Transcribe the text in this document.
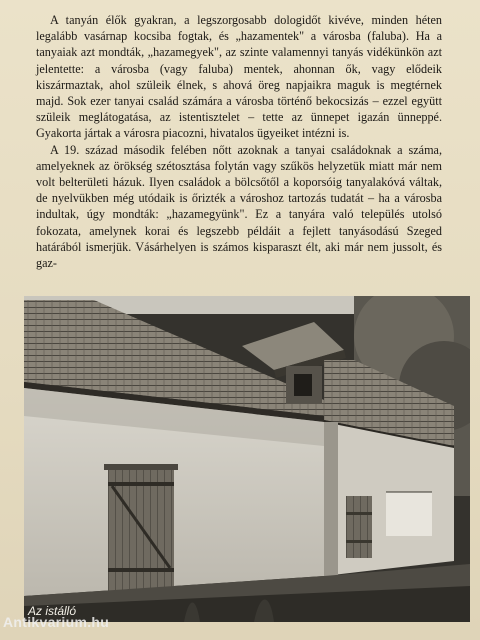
A tanyán élők gyakran, a legszorgosabb dologidőt kivéve, minden héten legalább vasárnap kocsiba fogtak, és „hazamentek" a városba (faluba). Ha a tanyaiak azt mondták, „hazamegyek", az szinte valamennyi tanyás vidékünkön azt jelentette: a városba (vagy faluba) mentek, ahonnan ők, vagy elődeik kiszármaztak, ahol szüleik élnek, s ahová öreg napjaikra maguk is megtérnek majd. Sok ezer tanyai család számára a városba történő bekocsizás – ezzel együtt szüleik meglátogatása, az istentisztelet – tette az ünnepet igazán ünneppé. Gyakorta jártak a városra piacozni, hivatalos ügyeiket intézni is.

A 19. század második felében nőtt azoknak a tanyai családoknak a száma, amelyeknek az örökség szétosztása folytán vagy szűkös helyzetük miatt már nem volt belterületi házuk. Ilyen családok a bölcsőtől a koporsóig tanyalakóvá váltak, de nyelvükben még utódaik is őrizték a városhoz tartozás tudatát – ha a városba indultak, úgy mondták: „hazamegyünk". Ez a tanyára való település utolsó fokozata, amelynek korai és legszebb példáit a fejlett tanyásodású Szeged határából ismerjük. Vásárhelyen is számos kisparaszt élt, aki már nem jussolt, és gaz-

Az istálló
Antikvarium.hu
